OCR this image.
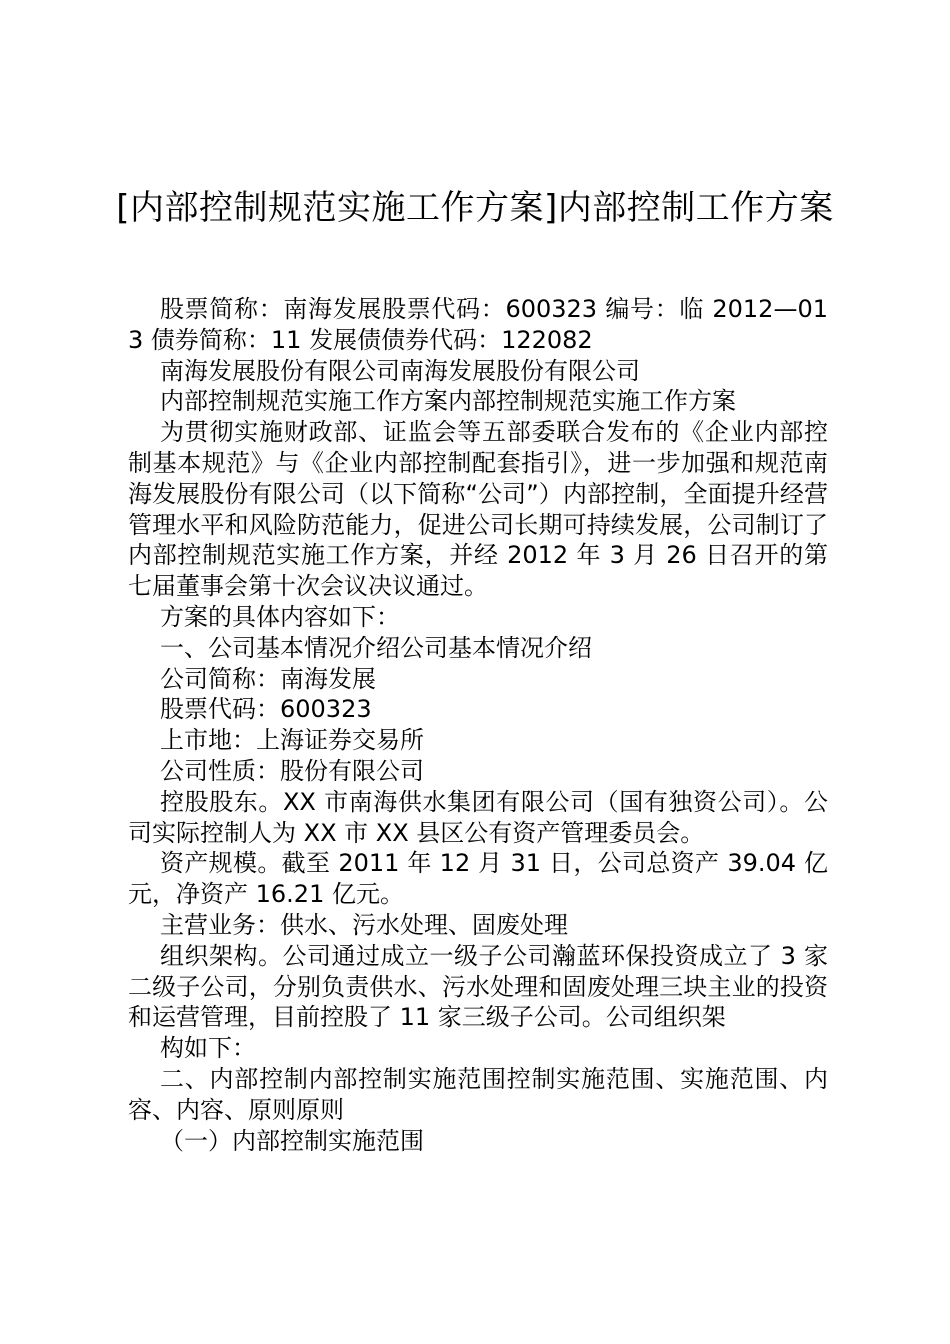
[内部控制规范实施工作方案]内部控制工作方案

股票简称：南海发展股票代码：600323 编号：临 2012—013 债券简称：11 发展债债券代码：122082

南海发展股份有限公司南海发展股份有限公司

内部控制规范实施工作方案内部控制规范实施工作方案

为贯彻实施财政部、证监会等五部委联合发布的《企业内部控制基本规范》与《企业内部控制配套指引》，进一步加强和规范南海发展股份有限公司（以下简称“公司”）内部控制，全面提升经营管理水平和风险防范能力，促进公司长期可持续发展，公司制订了内部控制规范实施工作方案，并经 2012 年 3 月 26 日召开的第七届董事会第十次会议决议通过。

方案的具体内容如下：

一、公司基本情况介绍公司基本情况介绍

公司简称：南海发展

股票代码：600323

上市地：上海证券交易所

公司性质：股份有限公司

控股股东。XX 市南海供水集团有限公司（国有独资公司）。公司实际控制人为 XX 市 XX 县区公有资产管理委员会。

资产规模。截至 2011 年 12 月 31 日，公司总资产 39.04 亿元，净资产 16.21 亿元。

主营业务：供水、污水处理、固废处理

组织架构。公司通过成立一级子公司瀚蓝环保投资成立了 3 家二级子公司，分别负责供水、污水处理和固废处理三块主业的投资和运营管理，目前控股了 11 家三级子公司。公司组织架

构如下：

二、内部控制内部控制实施范围控制实施范围、实施范围、内容、内容、原则原则

（一）内部控制实施范围
